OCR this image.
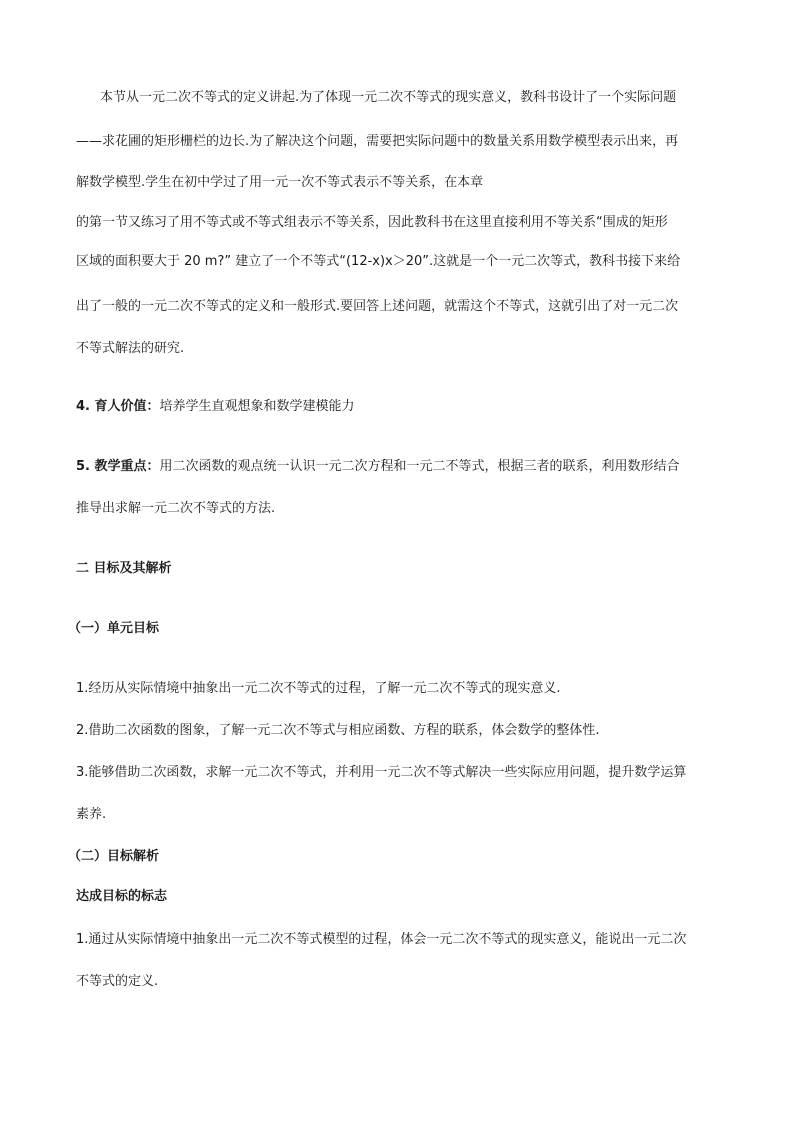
本节从一元二次不等式的定义讲起.为了体现一元二次不等式的现实意义，教科书设计了一个实际问题
——求花圃的矩形栅栏的边长.为了解决这个问题，需要把实际问题中的数量关系用数学模型表示出来，再
解数学模型.学生在初中学过了用一元一次不等式表示不等关系，在本章
的第一节又练习了用不等式或不等式组表示不等关系，因此教科书在这里直接利用不等关系“围成的矩形
区域的面积要大于 20 m?” 建立了一个不等式“(12-x)x＞20”.这就是一个一元二次等式，教科书接下来给
出了一般的一元二次不等式的定义和一般形式.要回答上述问题，就需这个不等式，这就引出了对一元二次
不等式解法的研究.
4. 育人价值：培养学生直观想象和数学建模能力
5. 教学重点：用二次函数的观点统一认识一元二次方程和一元二不等式，根据三者的联系，利用数形结合
推导出求解一元二次不等式的方法.
二 目标及其解析
（一）单元目标
1.经历从实际情境中抽象出一元二次不等式的过程，了解一元二次不等式的现实意义.
2.借助二次函数的图象，了解一元二次不等式与相应函数、方程的联系，体会数学的整体性.
3.能够借助二次函数，求解一元二次不等式，并利用一元二次不等式解决一些实际应用问题，提升数学运算
素养.
（二）目标解析
达成目标的标志
1.通过从实际情境中抽象出一元二次不等式模型的过程，体会一元二次不等式的现实意义，能说出一元二次
不等式的定义.
